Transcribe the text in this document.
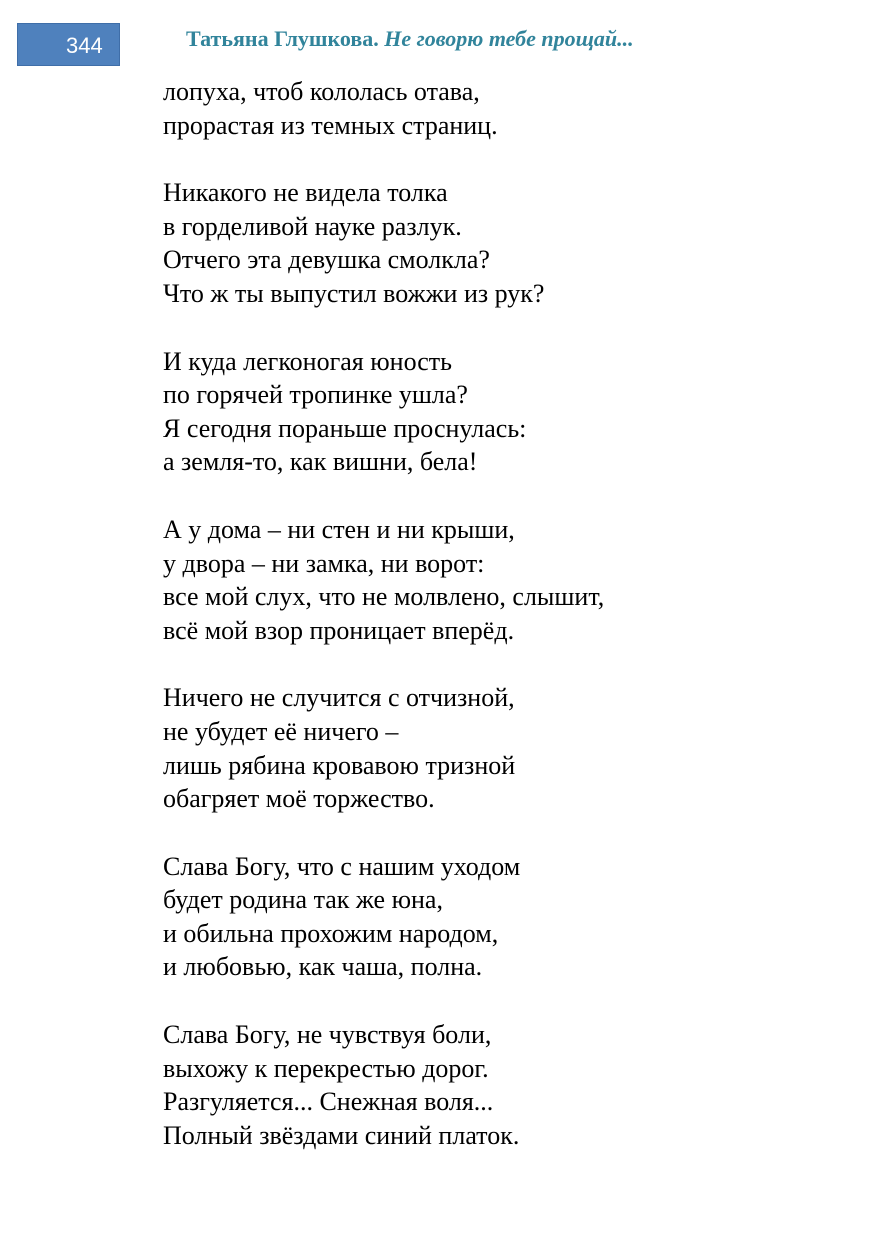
344	Татьяна Глушкова. Не говорю тебе прощай...
лопуха, чтоб кололась отава,
прорастая из темных страниц.
Никакого не видела толка
в горделивой науке разлук.
Отчего эта девушка смолкла?
Что ж ты выпустил вожжи из рук?
И куда легконогая юность
по горячей тропинке ушла?
Я сегодня пораньше проснулась:
а земля-то, как вишни, бела!
А у дома – ни стен и ни крыши,
у двора – ни замка, ни ворот:
все мой слух, что не молвлено, слышит,
всё мой взор проницает вперёд.
Ничего не случится с отчизной,
не убудет её ничего –
лишь рябина кровавою тризной
обагряет моё торжество.
Слава Богу, что с нашим уходом
будет родина так же юна,
и обильна прохожим народом,
и любовью, как чаша, полна.
Слава Богу, не чувствуя боли,
выхожу к перекрестью дорог.
Разгуляется... Снежная воля...
Полный звёздами синий платок.
